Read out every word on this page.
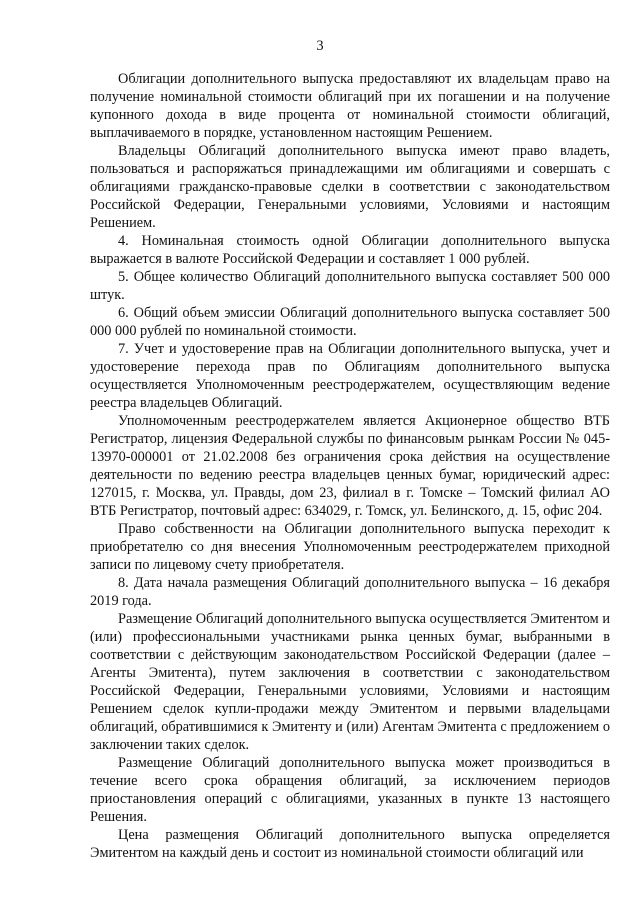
3

Облигации дополнительного выпуска предоставляют их владельцам право на получение номинальной стоимости облигаций при их погашении и на получение купонного дохода в виде процента от номинальной стоимости облигаций, выплачиваемого в порядке, установленном настоящим Решением.

Владельцы Облигаций дополнительного выпуска имеют право владеть, пользоваться и распоряжаться принадлежащими им облигациями и совершать с облигациями гражданско-правовые сделки в соответствии с законодательством Российской Федерации, Генеральными условиями, Условиями и настоящим Решением.

4. Номинальная стоимость одной Облигации дополнительного выпуска выражается в валюте Российской Федерации и составляет 1 000 рублей.

5. Общее количество Облигаций дополнительного выпуска составляет 500 000 штук.

6. Общий объем эмиссии Облигаций дополнительного выпуска составляет 500 000 000 рублей по номинальной стоимости.

7. Учет и удостоверение прав на Облигации дополнительного выпуска, учет и удостоверение перехода прав по Облигациям дополнительного выпуска осуществляется Уполномоченным реестродержателем, осуществляющим ведение реестра владельцев Облигаций.

Уполномоченным реестродержателем является Акционерное общество ВТБ Регистратор, лицензия Федеральной службы по финансовым рынкам России № 045-13970-000001 от 21.02.2008 без ограничения срока действия на осуществление деятельности по ведению реестра владельцев ценных бумаг, юридический адрес: 127015, г. Москва, ул. Правды, дом 23, филиал в г. Томске – Томский филиал АО ВТБ Регистратор, почтовый адрес: 634029, г. Томск, ул. Белинского, д. 15, офис 204.

Право собственности на Облигации дополнительного выпуска переходит к приобретателю со дня внесения Уполномоченным реестродержателем приходной записи по лицевому счету приобретателя.

8. Дата начала размещения Облигаций дополнительного выпуска – 16 декабря 2019 года.

Размещение Облигаций дополнительного выпуска осуществляется Эмитентом и (или) профессиональными участниками рынка ценных бумаг, выбранными в соответствии с действующим законодательством Российской Федерации (далее – Агенты Эмитента), путем заключения в соответствии с законодательством Российской Федерации, Генеральными условиями, Условиями и настоящим Решением сделок купли-продажи между Эмитентом и первыми владельцами облигаций, обратившимися к Эмитенту и (или) Агентам Эмитента с предложением о заключении таких сделок.

Размещение Облигаций дополнительного выпуска может производиться в течение всего срока обращения облигаций, за исключением периодов приостановления операций с облигациями, указанных в пункте 13 настоящего Решения.

Цена размещения Облигаций дополнительного выпуска определяется Эмитентом на каждый день и состоит из номинальной стоимости облигаций или
